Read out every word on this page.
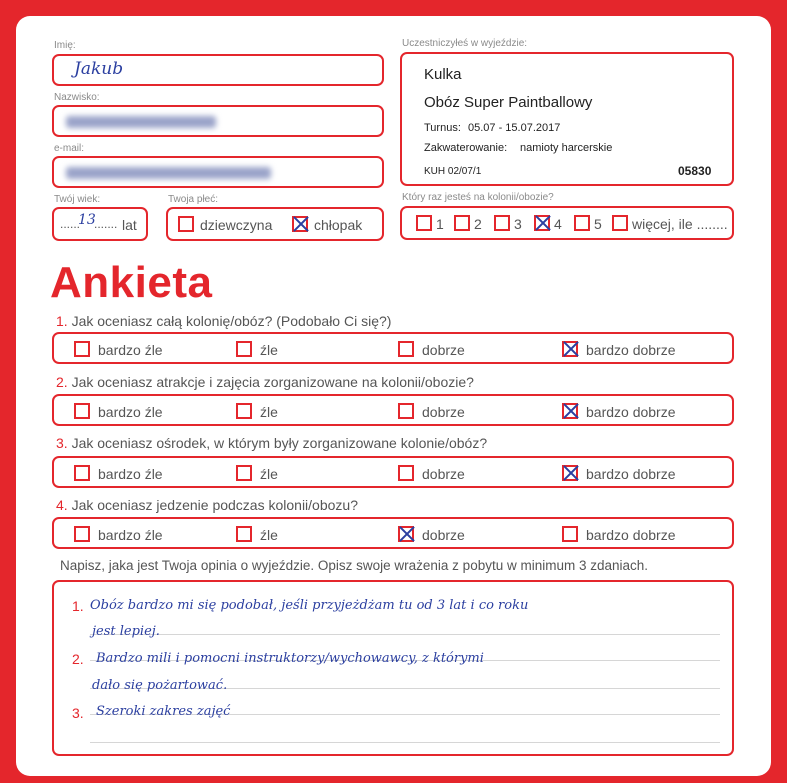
Imię:
Jakub
Nazwisko:
e-mail:
Twój wiek:
......
13
....... lat
Twoja płeć:
dziewczyna	chłopak
Uczestniczyłeś w wyjeździe:
Kulka
Obóz Super Paintballowy
Turnus: 05.07 - 15.07.2017
Zakwaterowanie: namioty harcerskie
KUH 02/07/1	05830
Który raz jesteś na kolonii/obozie?
1 2 3 4 5 więcej, ile ........
Ankieta
1. Jak oceniasz całą kolonię/obóz? (Podobało Ci się?)
bardzo źle	źle	dobrze	bardzo dobrze
2. Jak oceniasz atrakcje i zajęcia zorganizowane na kolonii/obozie?
bardzo źle	źle	dobrze	bardzo dobrze
3. Jak oceniasz ośrodek, w którym były zorganizowane kolonie/obóz?
bardzo źle	źle	dobrze	bardzo dobrze
4. Jak oceniasz jedzenie podczas kolonii/obozu?
bardzo źle	źle	dobrze	bardzo dobrze
Napisz, jaka jest Twoja opinia o wyjeździe. Opisz swoje wrażenia z pobytu w minimum 3 zdaniach.
1. Obóz bardzo mi się podobał, jeśli przyjeżdżam tu od 3 lat i co roku
jest lepiej.
2. Bardzo mili i pomocni instruktorzy/wychowawcy, z którymi
dało się pożartować.
3. Szeroki zakres zajęć
